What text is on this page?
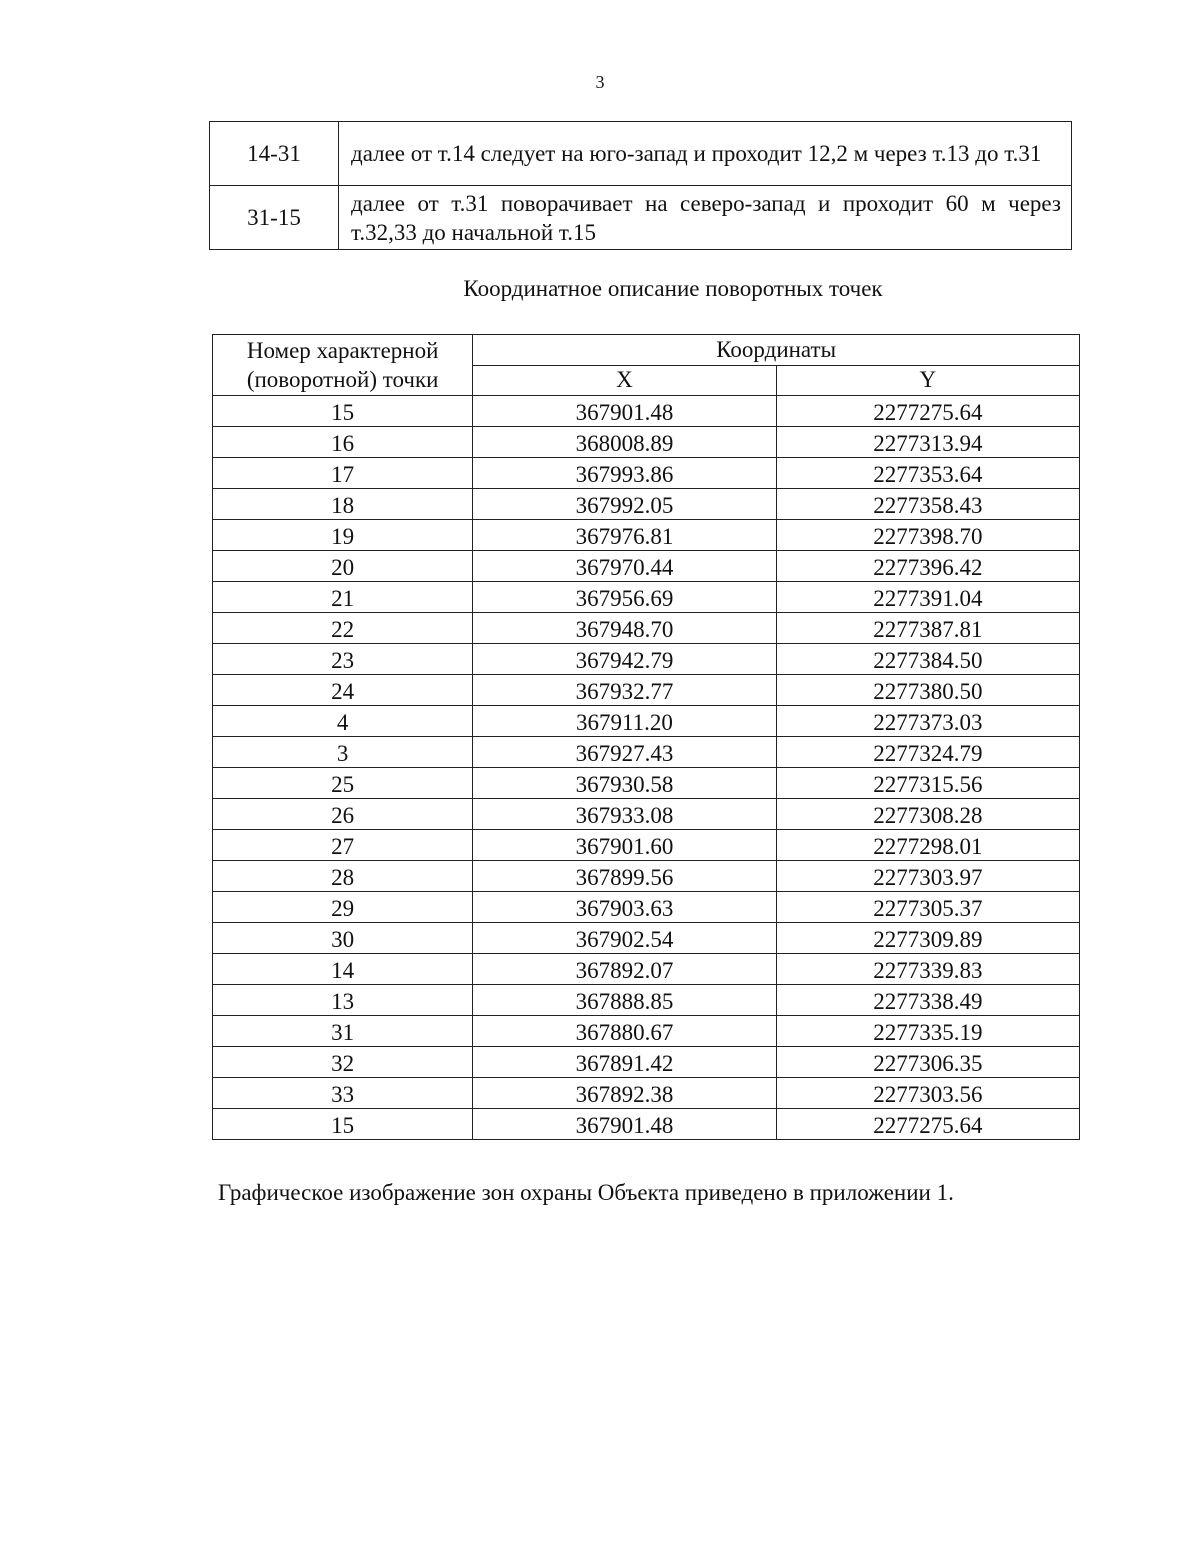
3
14-31	далее от т.14 следует на юго-запад и проходит 12,2 м через т.13 до т.31
31-15	далее от т.31 поворачивает на северо-запад и проходит 60 м через т.32,33 до начальной т.15
Координатное описание поворотных точек
Номер характерной (поворотной) точки	Координаты	
	X	Y
15	367901.48	2277275.64
16	368008.89	2277313.94
17	367993.86	2277353.64
18	367992.05	2277358.43
19	367976.81	2277398.70
20	367970.44	2277396.42
21	367956.69	2277391.04
22	367948.70	2277387.81
23	367942.79	2277384.50
24	367932.77	2277380.50
4	367911.20	2277373.03
3	367927.43	2277324.79
25	367930.58	2277315.56
26	367933.08	2277308.28
27	367901.60	2277298.01
28	367899.56	2277303.97
29	367903.63	2277305.37
30	367902.54	2277309.89
14	367892.07	2277339.83
13	367888.85	2277338.49
31	367880.67	2277335.19
32	367891.42	2277306.35
33	367892.38	2277303.56
15	367901.48	2277275.64
Графическое изображение зон охраны Объекта приведено в приложении 1.
